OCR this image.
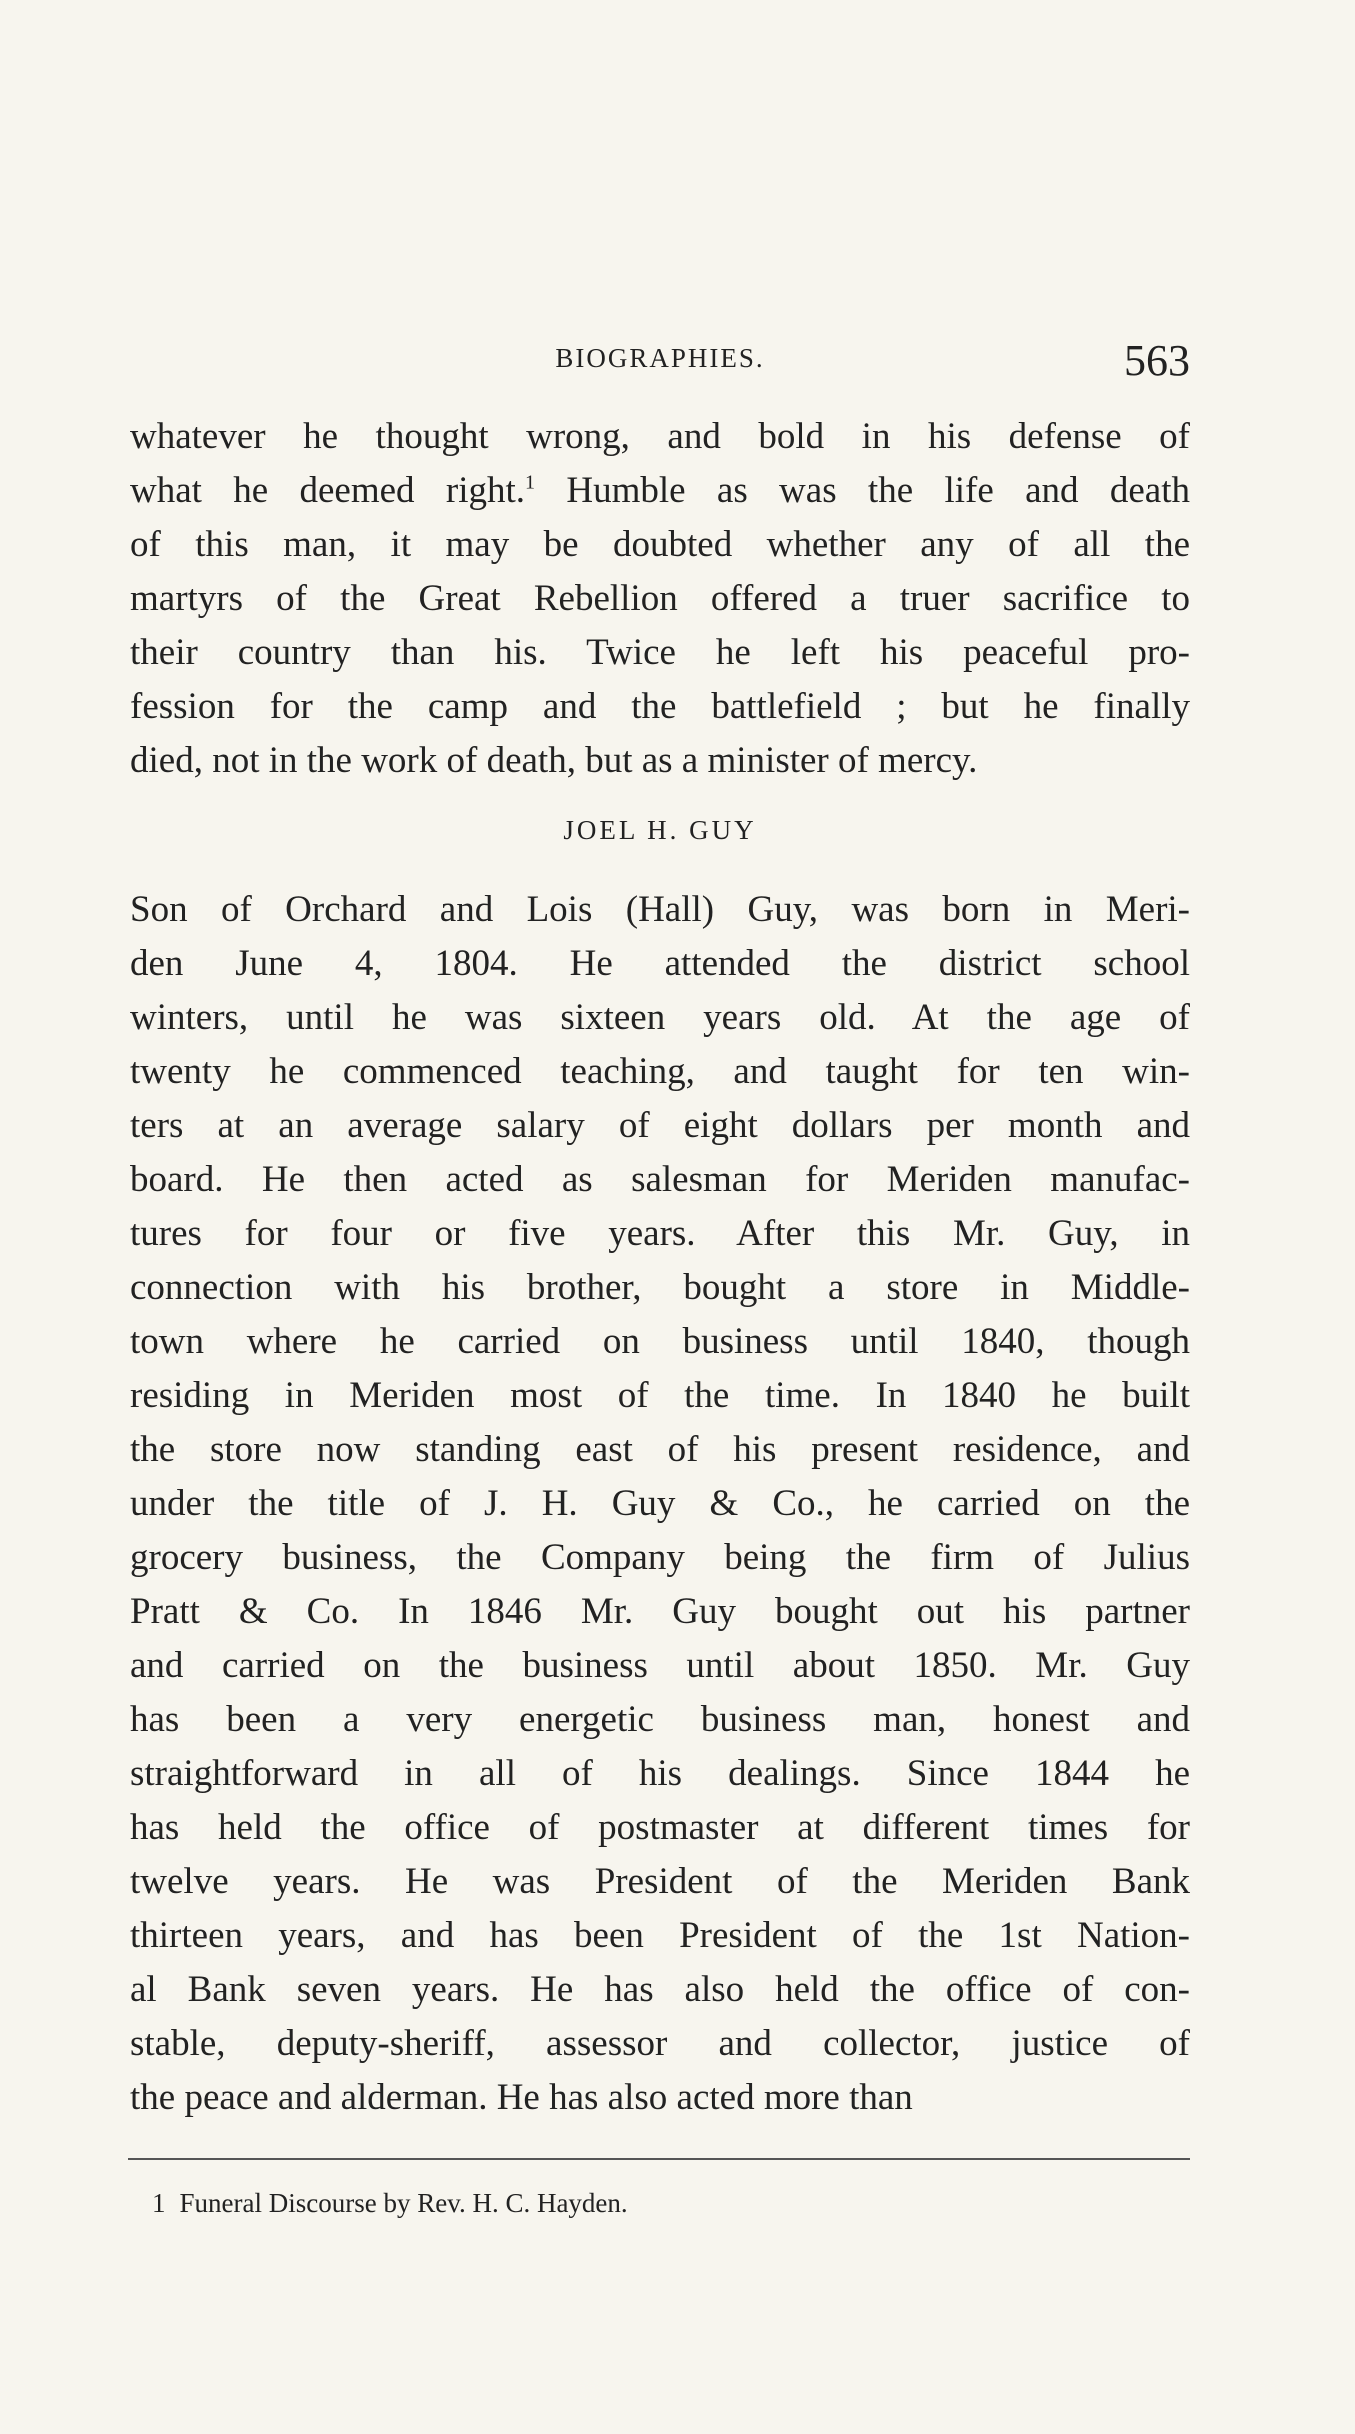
BIOGRAPHIES.	563
whatever he thought wrong, and bold in his defense of
what he deemed right.$^1$ Humble as was the life and death
of this man, it may be doubted whether any of all the
martyrs of the Great Rebellion offered a truer sacrifice to
their country than his. Twice he left his peaceful pro-
fession for the camp and the battlefield ; but he finally
died, not in the work of death, but as a minister of mercy.
JOEL H. GUY
Son of Orchard and Lois (Hall) Guy, was born in Meri-
den June 4, 1804. He attended the district school
winters, until he was sixteen years old. At the age of
twenty he commenced teaching, and taught for ten win-
ters at an average salary of eight dollars per month and
board. He then acted as salesman for Meriden manufac-
tures for four or five years. After this Mr. Guy, in
connection with his brother, bought a store in Middle-
town where he carried on business until 1840, though
residing in Meriden most of the time. In 1840 he built
the store now standing east of his present residence, and
under the title of J. H. Guy & Co., he carried on the
grocery business, the Company being the firm of Julius
Pratt & Co. In 1846 Mr. Guy bought out his partner
and carried on the business until about 1850. Mr. Guy
has been a very energetic business man, honest and
straightforward in all of his dealings. Since 1844 he
has held the office of postmaster at different times for
twelve years. He was President of the Meriden Bank
thirteen years, and has been President of the 1st Nation-
al Bank seven years. He has also held the office of con-
stable, deputy-sheriff, assessor and collector, justice of
the peace and alderman. He has also acted more than
1 Funeral Discourse by Rev. H. C. Hayden.
